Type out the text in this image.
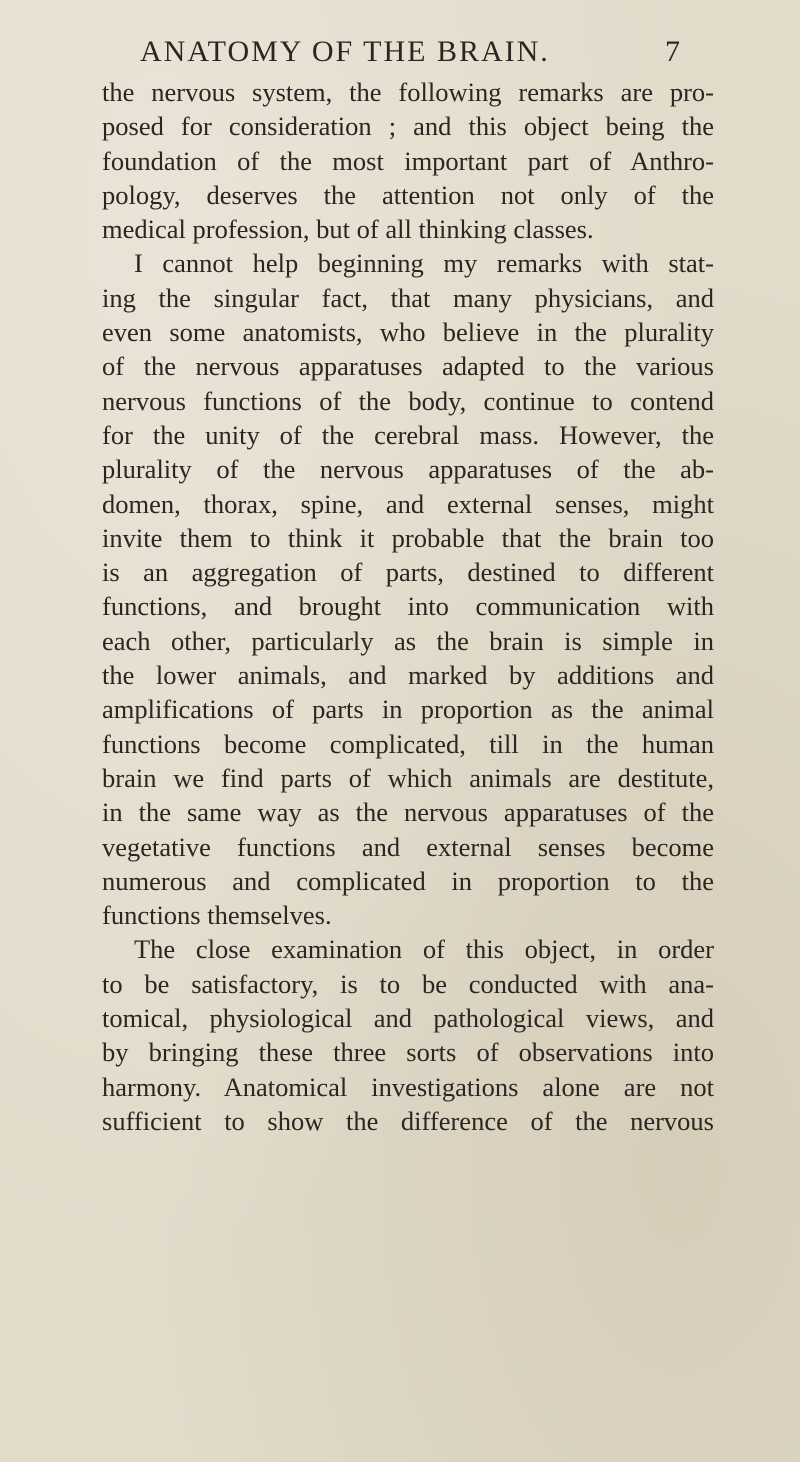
ANATOMY OF THE BRAIN.	7
the nervous system, the following remarks are pro-
posed for consideration ; and this object being the
foundation of the most important part of Anthro-
pology, deserves the attention not only of the
medical profession, but of all thinking classes.
I cannot help beginning my remarks with stat-
ing the singular fact, that many physicians, and
even some anatomists, who believe in the plurality
of the nervous apparatuses adapted to the various
nervous functions of the body, continue to contend
for the unity of the cerebral mass. However, the
plurality of the nervous apparatuses of the ab-
domen, thorax, spine, and external senses, might
invite them to think it probable that the brain too
is an aggregation of parts, destined to different
functions, and brought into communication with
each other, particularly as the brain is simple in
the lower animals, and marked by additions and
amplifications of parts in proportion as the animal
functions become complicated, till in the human
brain we find parts of which animals are destitute,
in the same way as the nervous apparatuses of the
vegetative functions and external senses become
numerous and complicated in proportion to the
functions themselves.
The close examination of this object, in order
to be satisfactory, is to be conducted with ana-
tomical, physiological and pathological views, and
by bringing these three sorts of observations into
harmony. Anatomical investigations alone are not
sufficient to show the difference of the nervous
